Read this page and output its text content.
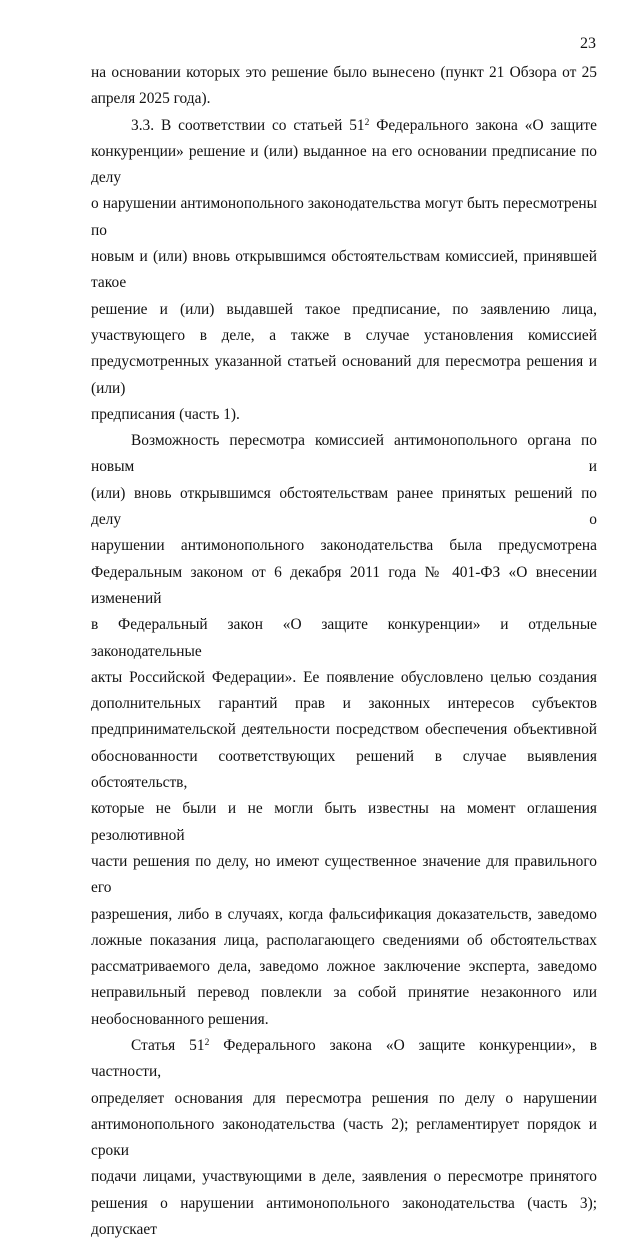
23

на основании которых это решение было вынесено (пункт 21 Обзора от 25

апреля 2025 года).

3.3. В соответствии со статьей $51^2$ Федерального закона «О защите

конкуренции» решение и (или) выданное на его основании предписание по делу

о нарушении антимонопольного законодательства могут быть пересмотрены по

новым и (или) вновь открывшимся обстоятельствам комиссией, принявшей такое

решение и (или) выдавшей такое предписание, по заявлению лица,

участвующего в деле, а также в случае установления комиссией

предусмотренных указанной статьей оснований для пересмотра решения и (или)

предписания (часть 1).

Возможность пересмотра комиссией антимонопольного органа по новым и

(или) вновь открывшимся обстоятельствам ранее принятых решений по делу о

нарушении антимонопольного законодательства была предусмотрена

Федеральным законом от 6 декабря 2011 года № 401-ФЗ «О внесении изменений

в Федеральный закон «О защите конкуренции» и отдельные законодательные

акты Российской Федерации». Ее появление обусловлено целью создания

дополнительных гарантий прав и законных интересов субъектов

предпринимательской деятельности посредством обеспечения объективной

обоснованности соответствующих решений в случае выявления обстоятельств,

которые не были и не могли быть известны на момент оглашения резолютивной

части решения по делу, но имеют существенное значение для правильного его

разрешения, либо в случаях, когда фальсификация доказательств, заведомо

ложные показания лица, располагающего сведениями об обстоятельствах

рассматриваемого дела, заведомо ложное заключение эксперта, заведомо

неправильный перевод повлекли за собой принятие незаконного или

необоснованного решения.

Статья $51^2$ Федерального закона «О защите конкуренции», в частности,

определяет основания для пересмотра решения по делу о нарушении

антимонопольного законодательства (часть 2); регламентирует порядок и сроки

подачи лицами, участвующими в деле, заявления о пересмотре принятого

решения о нарушении антимонопольного законодательства (часть 3); допускает
